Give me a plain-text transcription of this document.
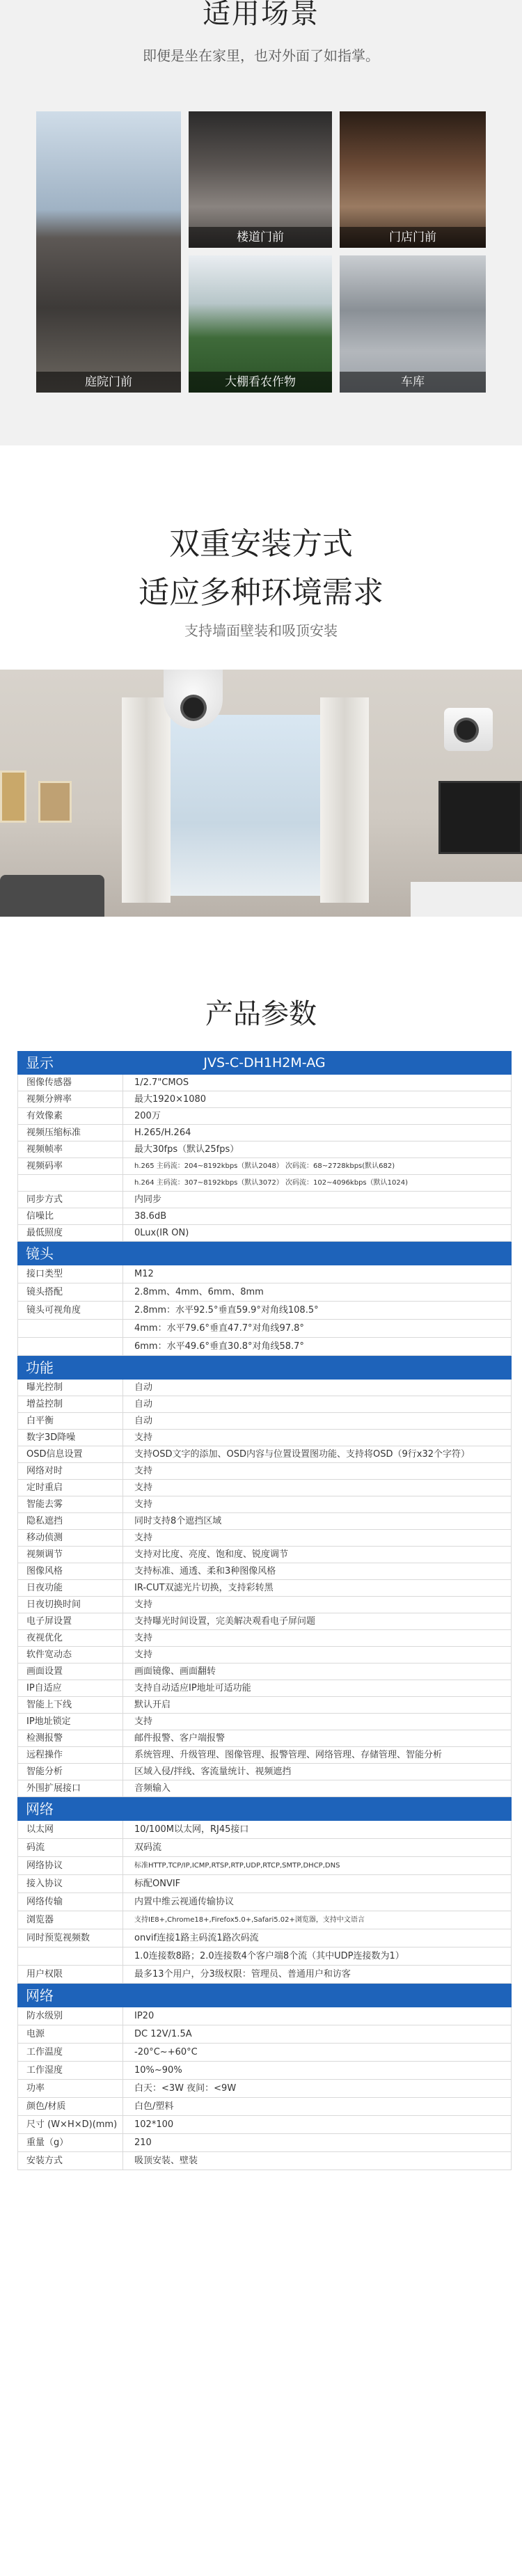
适用场景
即便是坐在家里，也对外面了如指掌。
庭院门前
楼道门前	门店门前
大棚看农作物	车库
双重安装方式
适应多种环境需求
支持墙面壁装和吸顶安装
产品参数
显示	JVS-C-DH1H2M-AG
图像传感器	1/2.7"CMOS
视频分辨率	最大1920×1080
有效像素	200万
视频压缩标准	H.265/H.264
视频帧率	最大30fps（默认25fps）
视频码率	h.265 主码流：204~8192kbps（默认2048） 次码流：68~2728kbps(默认682)
h.264 主码流：307~8192kbps（默认3072） 次码流：102~4096kbps（默认1024)
同步方式	内同步
信噪比	38.6dB
最低照度	0Lux(IR ON)
镜头
接口类型	M12
镜头搭配	2.8mm、4mm、6mm、8mm
镜头可视角度	2.8mm：水平92.5°垂直59.9°对角线108.5°
4mm：水平79.6°垂直47.7°对角线97.8°
6mm：水平49.6°垂直30.8°对角线58.7°
功能
曝光控制	自动
增益控制	自动
白平衡	自动
数字3D降噪	支持
OSD信息设置	支持OSD文字的添加、OSD内容与位置设置图功能、支持将OSD（9行x32个字符）
网络对时	支持
定时重启	支持
智能去雾	支持
隐私遮挡	同时支持8个遮挡区域
移动侦测	支持
视频调节	支持对比度、亮度、饱和度、锐度调节
图像风格	支持标准、通透、柔和3种图像风格
日夜功能	IR-CUT双滤光片切换，支持彩转黑
日夜切换时间	支持
电子屏设置	支持曝光时间设置，完美解决观看电子屏问题
夜视优化	支持
软件宽动态	支持
画面设置	画面镜像、画面翻转
IP自适应	支持自动适应IP地址可适功能
智能上下线	默认开启
IP地址锁定	支持
检测报警	邮件报警、客户端报警
远程操作	系统管理、升级管理、图像管理、报警管理、网络管理、存储管理、智能分析
智能分析	区域入侵/拌线、客流量统计、视频遮挡
外围扩展接口	音频输入
网络
以太网	10/100M以太网，RJ45接口
码流	双码流
网络协议	标准HTTP,TCP/IP,ICMP,RTSP,RTP,UDP,RTCP,SMTP,DHCP,DNS
接入协议	标配ONVIF
网络传输	内置中维云视通传输协议
浏览器	支持IE8+,Chrome18+,Firefox5.0+,Safari5.02+浏览器，支持中文语言
同时预览视频数	onvif连接1路主码流1路次码流
1.0连接数8路；2.0连接数4个客户端8个流（其中UDP连接数为1）
用户权限	最多13个用户，分3级权限：管理员、普通用户和访客
网络
防水级别	IP20
电源	DC 12V/1.5A
工作温度	-20°C~+60°C
工作湿度	10%~90%
功率	白天：<3W 夜间：<9W
颜色/材质	白色/塑料
尺寸 (W×H×D)(mm)	102*100
重量（g）	210
安装方式	吸顶安装、壁装
